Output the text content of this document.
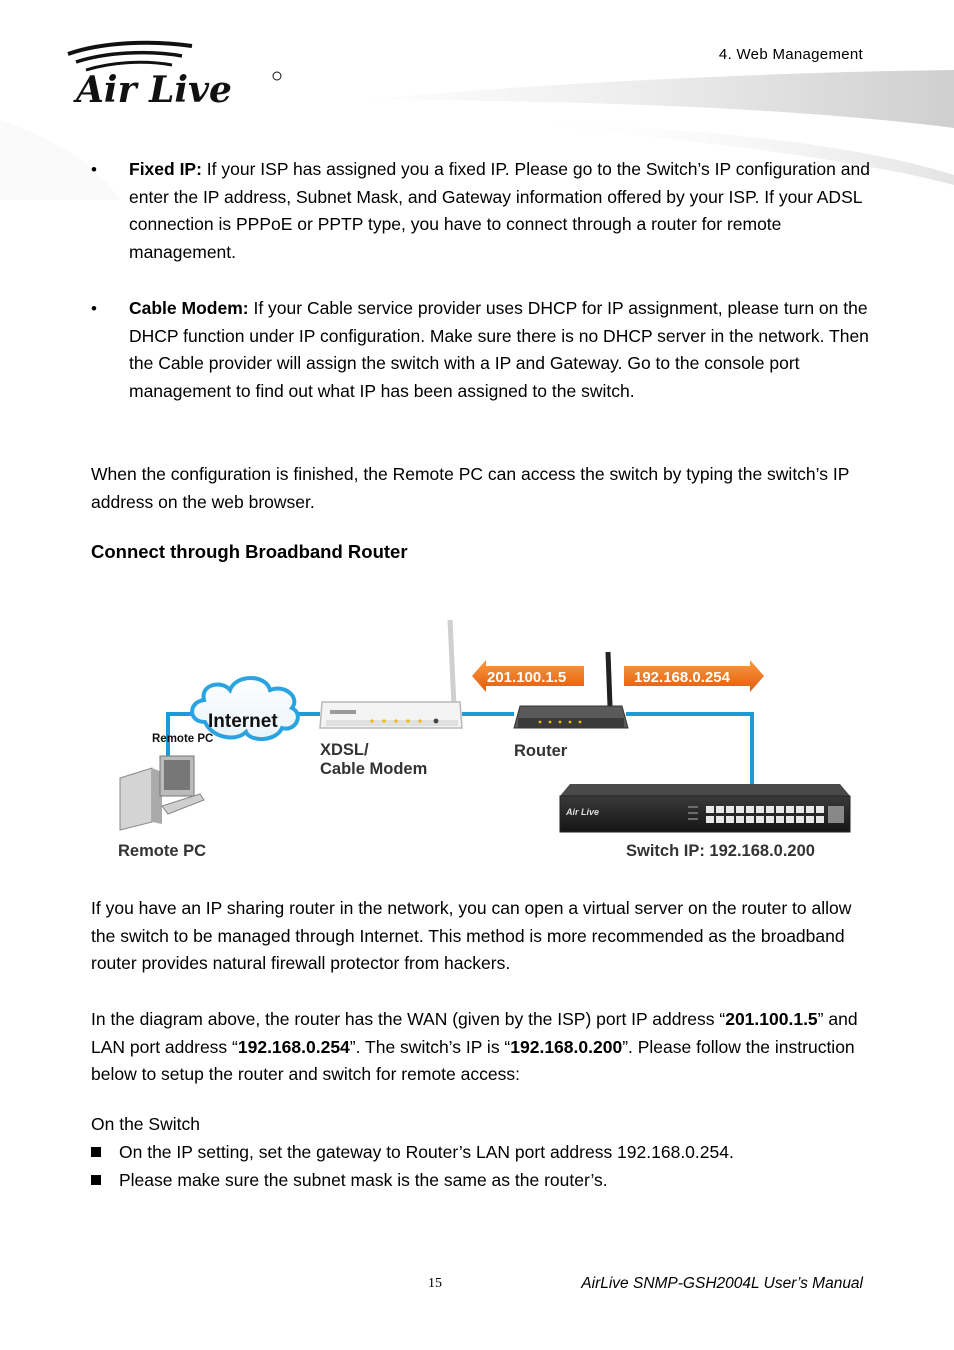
Air Live
4. Web Management
• Fixed IP: If your ISP has assigned you a fixed IP. Please go to the Switch’s IP configuration and enter the IP address, Subnet Mask, and Gateway information offered by your ISP. If your ADSL connection is PPPoE or PPTP type, you have to connect through a router for remote management.
• Cable Modem: If your Cable service provider uses DHCP for IP assignment, please turn on the DHCP function under IP configuration. Make sure there is no DHCP server in the network. Then the Cable provider will assign the switch with a IP and Gateway. Go to the console port management to find out what IP has been assigned to the switch.
When the configuration is finished, the Remote PC can access the switch by typing the switch’s IP address on the web browser.
Connect through Broadband Router
Internet
Remote PC
Remote PC
XDSL/
Cable Modem
Router
201.100.1.5	192.168.0.254
Air Live
Switch IP: 192.168.0.200
If you have an IP sharing router in the network, you can open a virtual server on the router to allow the switch to be managed through Internet. This method is more recommended as the broadband router provides natural firewall protector from hackers.
In the diagram above, the router has the WAN (given by the ISP) port IP address “201.100.1.5” and LAN port address “192.168.0.254”. The switch’s IP is “192.168.0.200”. Please follow the instruction below to setup the router and switch for remote access:
On the Switch
On the IP setting, set the gateway to Router’s LAN port address 192.168.0.254.
Please make sure the subnet mask is the same as the router’s.
15	AirLive SNMP-GSH2004L User’s Manual
